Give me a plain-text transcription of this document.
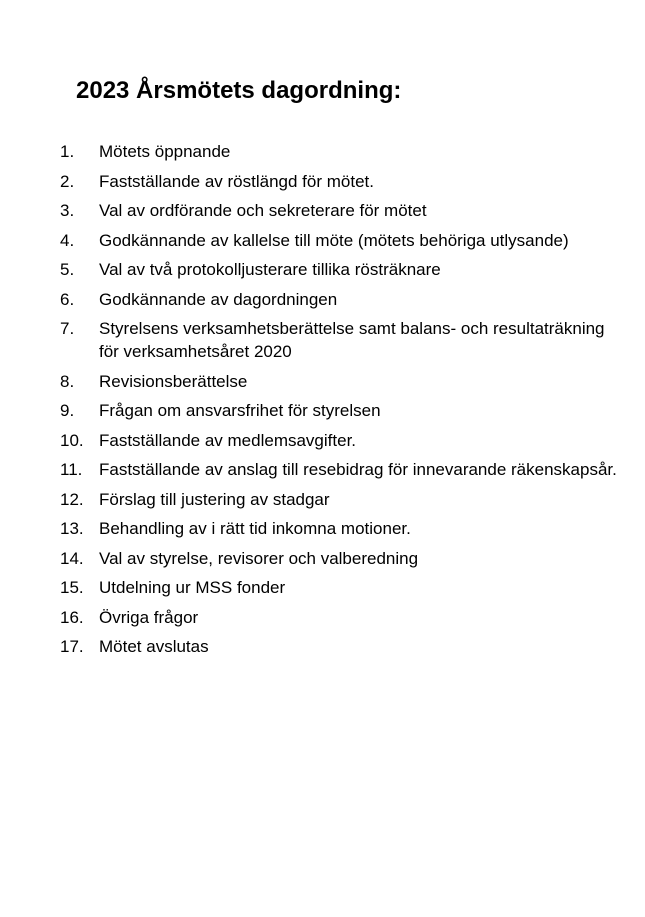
2023 Årsmötets dagordning:
1.	Mötets öppnande
2.	Fastställande av röstlängd för mötet.
3.	Val av ordförande och sekreterare för mötet
4.	Godkännande av kallelse till möte (mötets behöriga utlysande)
5.	Val av två protokolljusterare tillika rösträknare
6.	Godkännande av dagordningen
7.	Styrelsens verksamhetsberättelse samt balans- och resultaträkning för verksamhetsåret 2020
8.	Revisionsberättelse
9.	Frågan om ansvarsfrihet för styrelsen
10. Fastställande av medlemsavgifter.
11. Fastställande av anslag till resebidrag för innevarande räkenskapsår.
12. Förslag till justering av stadgar
13. Behandling av i rätt tid inkomna motioner.
14. Val av styrelse, revisorer och valberedning
15. Utdelning ur MSS fonder
16. Övriga frågor
17. Mötet avslutas
